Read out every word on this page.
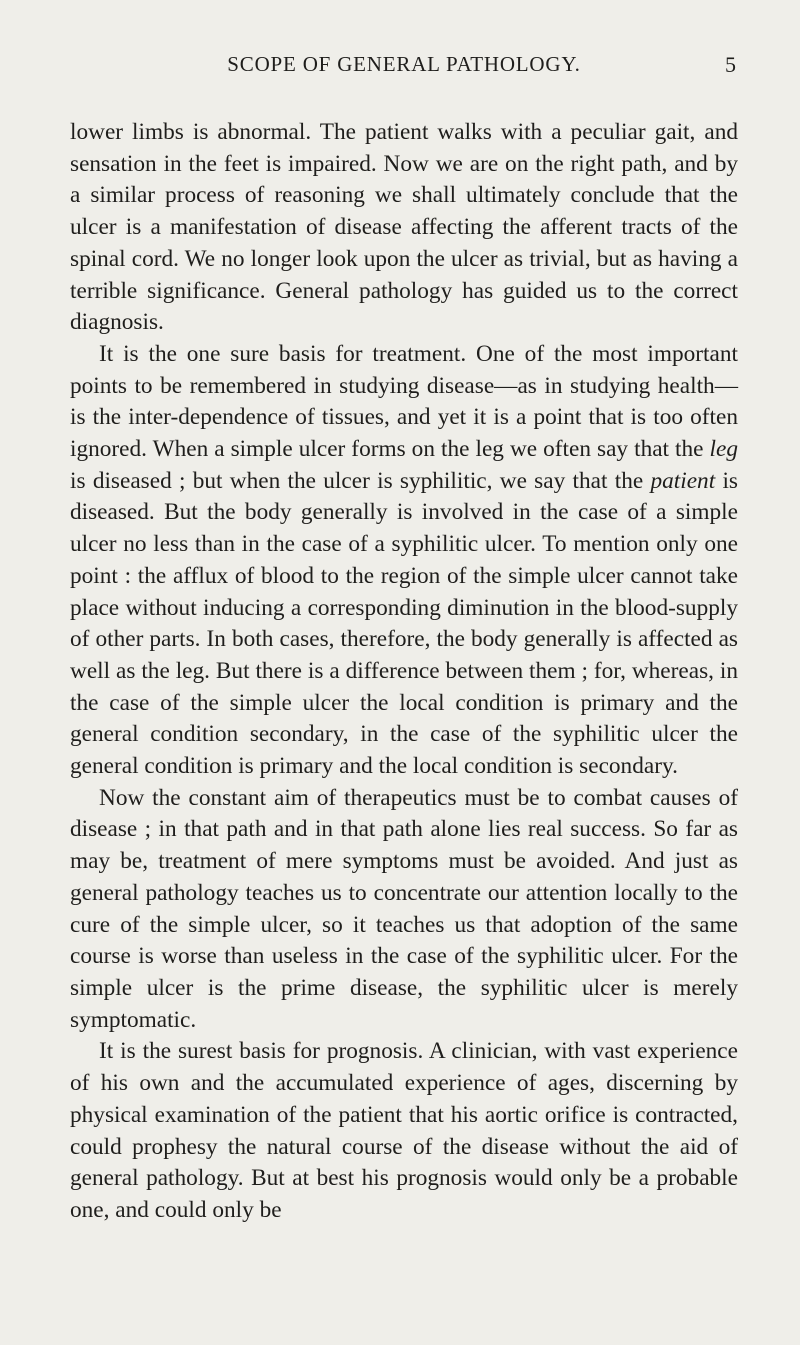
SCOPE OF GENERAL PATHOLOGY.	5

lower limbs is abnormal. The patient walks with a peculiar gait, and sensation in the feet is impaired. Now we are on the right path, and by a similar process of reasoning we shall ultimately conclude that the ulcer is a manifestation of disease affecting the afferent tracts of the spinal cord. We no longer look upon the ulcer as trivial, but as having a terrible significance. General pathology has guided us to the correct diagnosis.

It is the one sure basis for treatment. One of the most important points to be remembered in studying disease—as in studying health—is the inter-dependence of tissues, and yet it is a point that is too often ignored. When a simple ulcer forms on the leg we often say that the leg is diseased ; but when the ulcer is syphilitic, we say that the patient is diseased. But the body generally is involved in the case of a simple ulcer no less than in the case of a syphilitic ulcer. To mention only one point : the afflux of blood to the region of the simple ulcer cannot take place without inducing a corresponding diminution in the blood-supply of other parts. In both cases, therefore, the body generally is affected as well as the leg. But there is a difference between them ; for, whereas, in the case of the simple ulcer the local condition is primary and the general condition secondary, in the case of the syphilitic ulcer the general condition is primary and the local condition is secondary.

Now the constant aim of therapeutics must be to combat causes of disease ; in that path and in that path alone lies real success. So far as may be, treatment of mere symptoms must be avoided. And just as general pathology teaches us to concentrate our attention locally to the cure of the simple ulcer, so it teaches us that adoption of the same course is worse than useless in the case of the syphilitic ulcer. For the simple ulcer is the prime disease, the syphilitic ulcer is merely symptomatic.

It is the surest basis for prognosis. A clinician, with vast experience of his own and the accumulated experience of ages, discerning by physical examination of the patient that his aortic orifice is contracted, could prophesy the natural course of the disease without the aid of general pathology. But at best his prognosis would only be a probable one, and could only be
